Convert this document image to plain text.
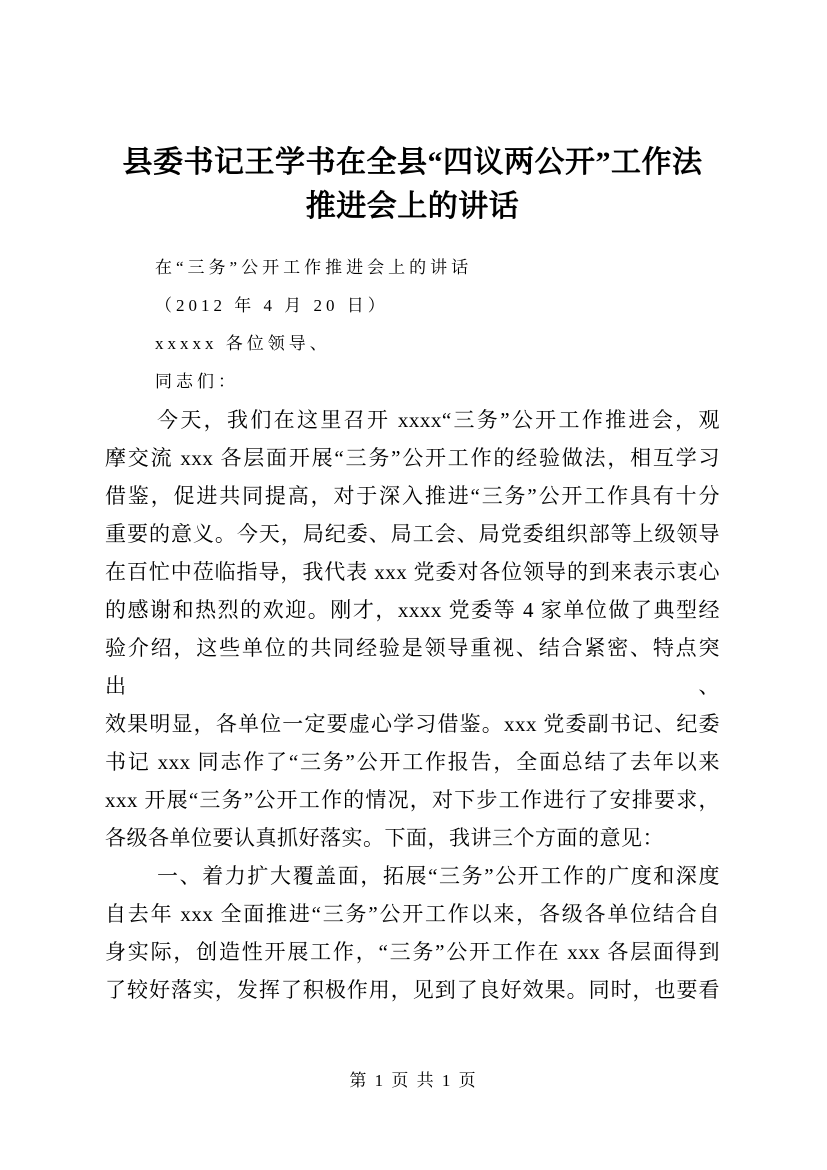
县委书记王学书在全县“四议两公开”工作法
推进会上的讲话
在“三务”公开工作推进会上的讲话
（2012 年 4 月 20 日）
xxxxx 各位领导、
同志们：
今天，我们在这里召开 xxxx“三务”公开工作推进会，观
摩交流 xxx 各层面开展“三务”公开工作的经验做法，相互学习
借鉴，促进共同提高，对于深入推进“三务”公开工作具有十分
重要的意义。今天，局纪委、局工会、局党委组织部等上级领导
在百忙中莅临指导，我代表 xxx 党委对各位领导的到来表示衷心
的感谢和热烈的欢迎。刚才，xxxx 党委等 4 家单位做了典型经
验介绍，这些单位的共同经验是领导重视、结合紧密、特点突出、
效果明显，各单位一定要虚心学习借鉴。xxx 党委副书记、纪委
书记 xxx 同志作了“三务”公开工作报告，全面总结了去年以来
xxx 开展“三务”公开工作的情况，对下步工作进行了安排要求，
各级各单位要认真抓好落实。下面，我讲三个方面的意见：
一、着力扩大覆盖面，拓展“三务”公开工作的广度和深度
自去年 xxx 全面推进“三务”公开工作以来，各级各单位结合自
身实际，创造性开展工作，“三务”公开工作在 xxx 各层面得到
了较好落实，发挥了积极作用，见到了良好效果。同时，也要看
第 1 页 共 1 页
